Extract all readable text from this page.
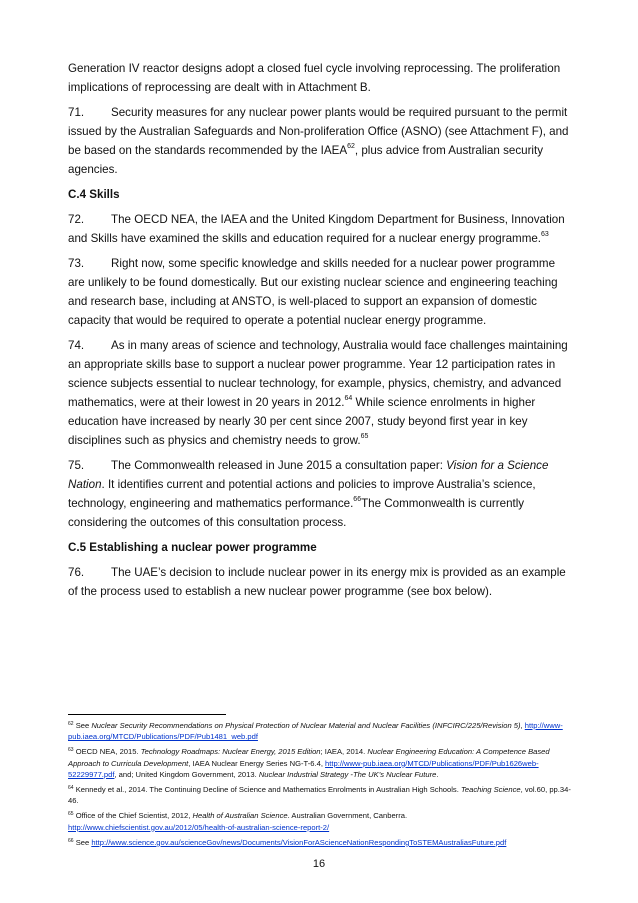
Generation IV reactor designs adopt a closed fuel cycle involving reprocessing. The proliferation implications of reprocessing are dealt with in Attachment B.

71. Security measures for any nuclear power plants would be required pursuant to the permit issued by the Australian Safeguards and Non-proliferation Office (ASNO) (see Attachment F), and be based on the standards recommended by the IAEA$^{62}$, plus advice from Australian security agencies.

C.4 Skills

72. The OECD NEA, the IAEA and the United Kingdom Department for Business, Innovation and Skills have examined the skills and education required for a nuclear energy programme.$^{63}$

73. Right now, some specific knowledge and skills needed for a nuclear power programme are unlikely to be found domestically. But our existing nuclear science and engineering teaching and research base, including at ANSTO, is well-placed to support an expansion of domestic capacity that would be required to operate a potential nuclear energy programme.

74. As in many areas of science and technology, Australia would face challenges maintaining an appropriate skills base to support a nuclear power programme. Year 12 participation rates in science subjects essential to nuclear technology, for example, physics, chemistry, and advanced mathematics, were at their lowest in 20 years in 2012.64 While science enrolments in higher education have increased by nearly 30 per cent since 2007, study beyond first year in key disciplines such as physics and chemistry needs to grow.$^{65}$

75. The Commonwealth released in June 2015 a consultation paper: Vision for a Science Nation. It identifies current and potential actions and policies to improve Australia’s science, technology, engineering and mathematics performance.$^{66}$The Commonwealth is currently considering the outcomes of this consultation process.

C.5 Establishing a nuclear power programme

76. The UAE’s decision to include nuclear power in its energy mix is provided as an example of the process used to establish a new nuclear power programme (see box below).

$^{62}$ See Nuclear Security Recommendations on Physical Protection of Nuclear Material and Nuclear Facilities (INFCIRC/225/Revision 5), http://www-pub.iaea.org/MTCD/Publications/PDF/Pub1481_web.pdf

$^{63}$ OECD NEA, 2015. Technology Roadmaps: Nuclear Energy, 2015 Edition; IAEA, 2014. Nuclear Engineering Education: A Competence Based Approach to Curricula Development, IAEA Nuclear Energy Series NG-T-6.4, http://www-pub.iaea.org/MTCD/Publications/PDF/Pub1626web-52229977.pdf, and; United Kingdom Government, 2013. Nuclear Industrial Strategy -The UK’s Nuclear Future.

$^{64}$ Kennedy et al., 2014. The Continuing Decline of Science and Mathematics Enrolments in Australian High Schools. Teaching Science, vol.60, pp.34-46.

$^{65}$ Office of the Chief Scientist, 2012, Health of Australian Science. Australian Government, Canberra.
http://www.chiefscientist.gov.au/2012/05/health-of-australian-science-report-2/

$^{66}$ See http://www.science.gov.au/scienceGov/news/Documents/VisionForAScienceNationRespondingToSTEMAustraliasFuture.pdf

16
